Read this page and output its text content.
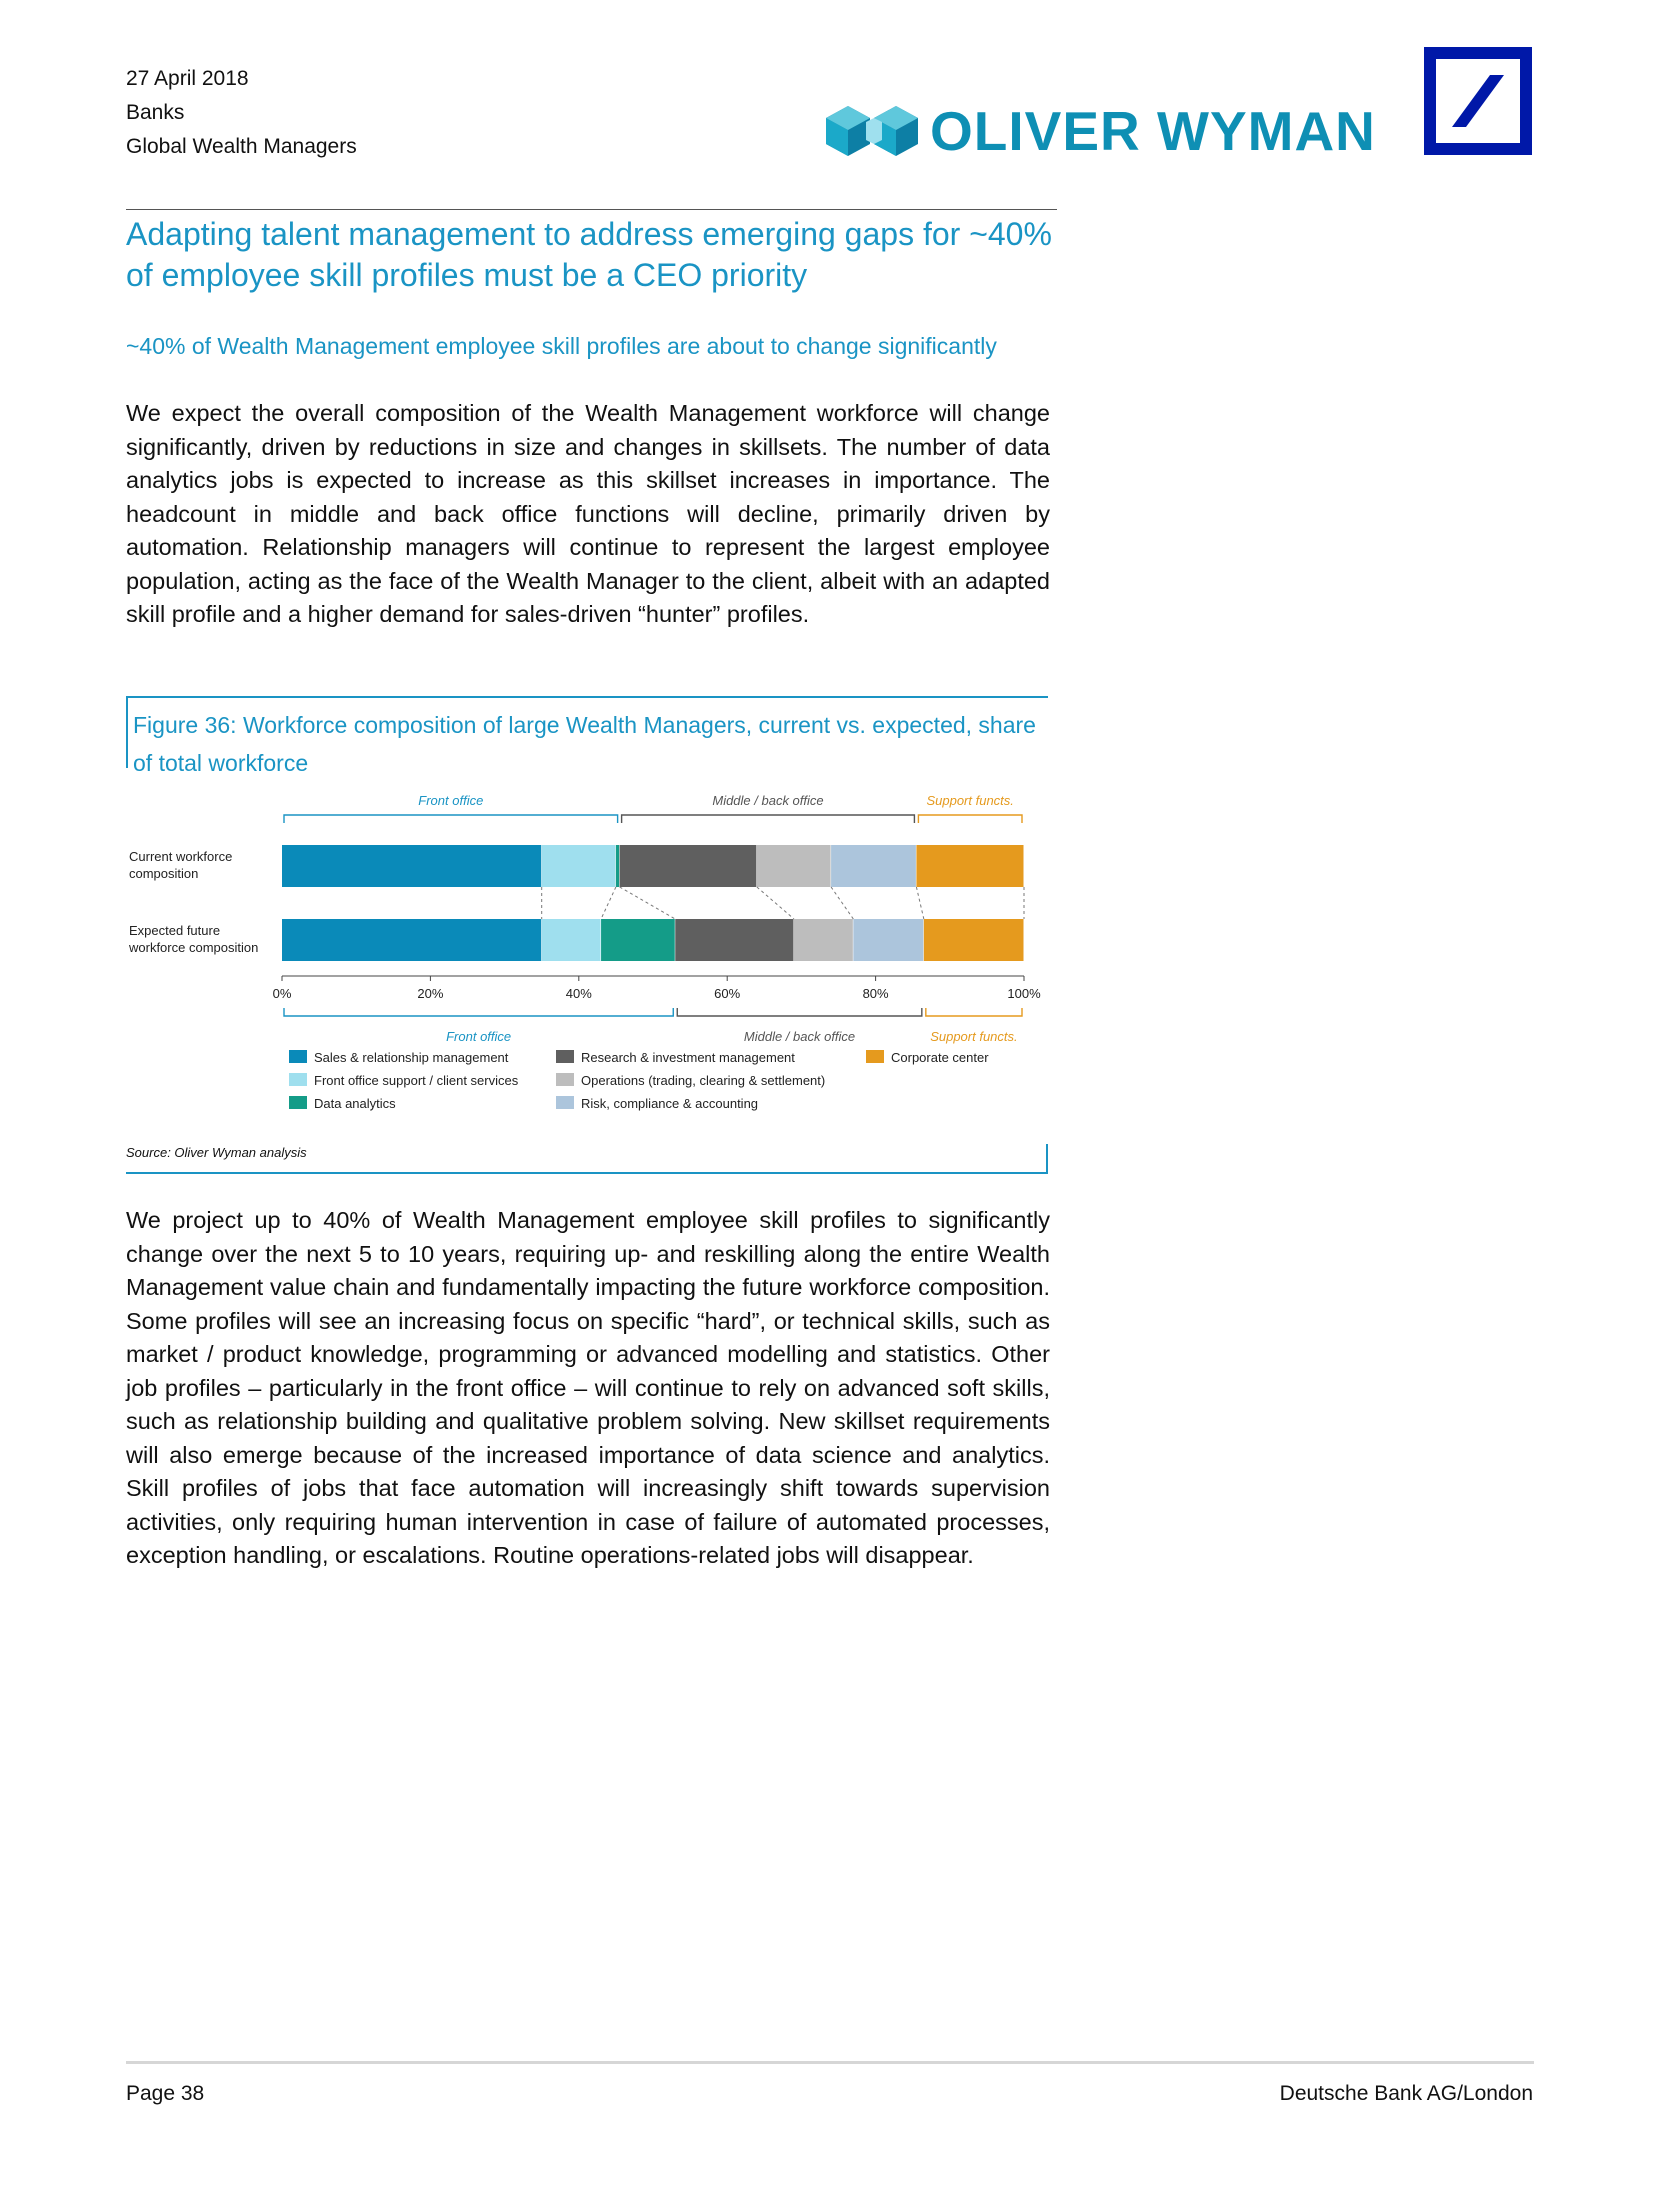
27 April 2018
Banks
Global Wealth Managers	OLIVER WYMAN
Adapting talent management to address emerging gaps for ~40% of employee skill profiles must be a CEO priority
~40% of Wealth Management employee skill profiles are about to change significantly
We expect the overall composition of the Wealth Management workforce will change significantly, driven by reductions in size and changes in skillsets. The number of data analytics jobs is expected to increase as this skillset increases in importance. The headcount in middle and back office functions will decline, primarily driven by automation. Relationship managers will continue to represent the largest employee population, acting as the face of the Wealth Manager to the client, albeit with an adapted skill profile and a higher demand for sales-driven “hunter” profiles.
Figure 36: Workforce composition of large Wealth Managers, current vs. expected, share of total workforce
Current workforce
composition
Expected future
workforce composition
0%	20%	40%	60%	80%	100%
Front office	Middle / back office	Support functs.
Front office	Middle / back office	Support functs.
Sales & relationship management
Front office support / client services
Data analytics
Research & investment management
Operations (trading, clearing & settlement)
Risk, compliance & accounting
Corporate center
Source: Oliver Wyman analysis
We project up to 40% of Wealth Management employee skill profiles to significantly change over the next 5 to 10 years, requiring up- and reskilling along the entire Wealth Management value chain and fundamentally impacting the future workforce composition. Some profiles will see an increasing focus on specific “hard”, or technical skills, such as market / product knowledge, programming or advanced modelling and statistics. Other job profiles – particularly in the front office – will continue to rely on advanced soft skills, such as relationship building and qualitative problem solving. New skillset requirements will also emerge because of the increased importance of data science and analytics. Skill profiles of jobs that face automation will increasingly shift towards supervision activities, only requiring human intervention in case of failure of automated processes, exception handling, or escalations. Routine operations-related jobs will disappear.
Page 38	Deutsche Bank AG/London
